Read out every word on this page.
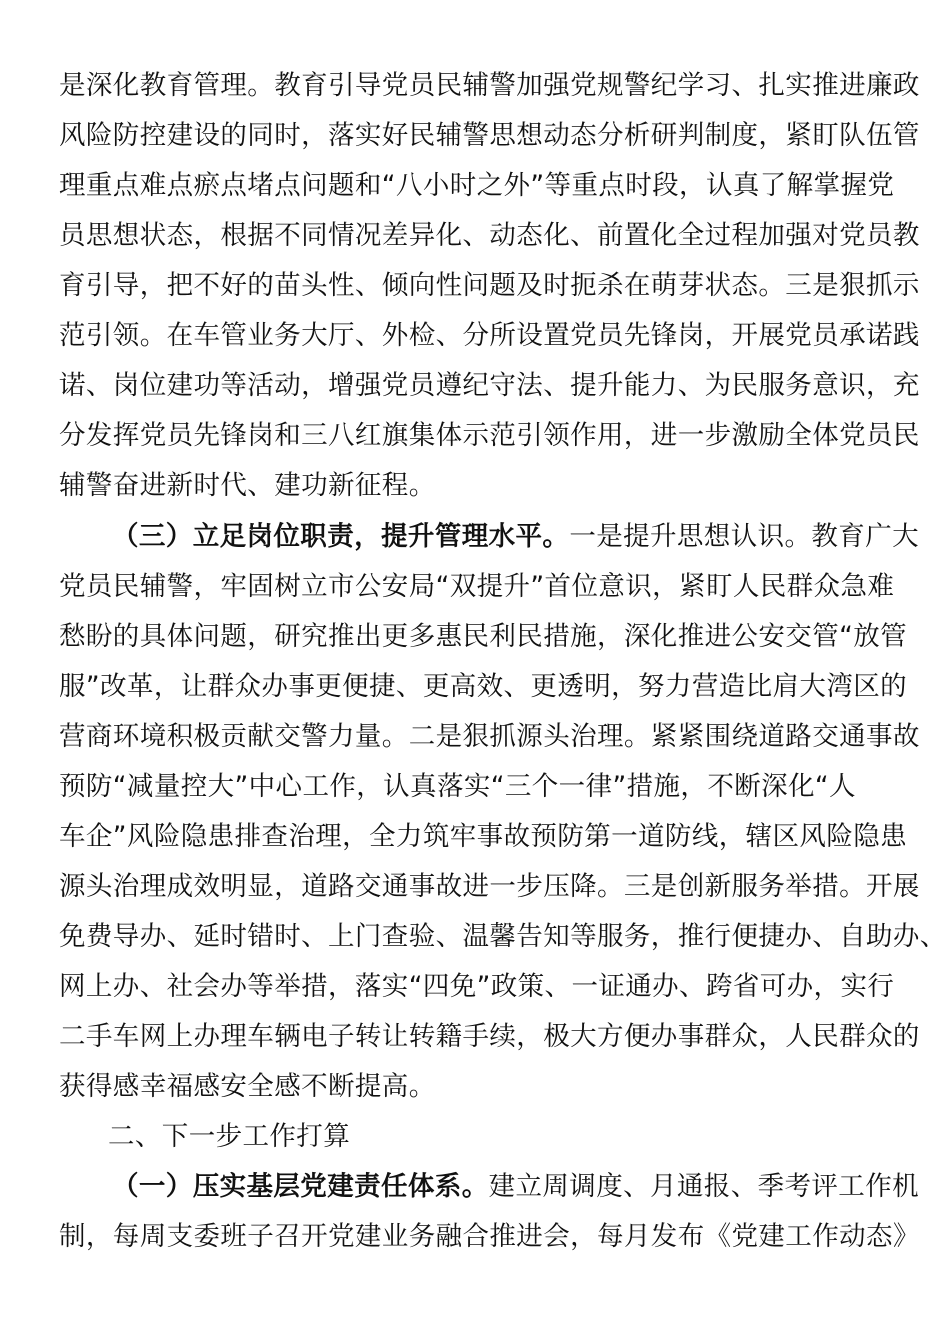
是深化教育管理。教育引导党员民辅警加强党规警纪学习、扎实推进廉政
风险防控建设的同时，落实好民辅警思想动态分析研判制度，紧盯队伍管
理重点难点瘀点堵点问题和“八小时之外”等重点时段，认真了解掌握党
员思想状态，根据不同情况差异化、动态化、前置化全过程加强对党员教
育引导，把不好的苗头性、倾向性问题及时扼杀在萌芽状态。三是狠抓示
范引领。在车管业务大厅、外检、分所设置党员先锋岗，开展党员承诺践
诺、岗位建功等活动，增强党员遵纪守法、提升能力、为民服务意识，充
分发挥党员先锋岗和三八红旗集体示范引领作用，进一步激励全体党员民
辅警奋进新时代、建功新征程。
（三）立足岗位职责，提升管理水平。一是提升思想认识。教育广大
党员民辅警，牢固树立市公安局“双提升”首位意识，紧盯人民群众急难
愁盼的具体问题，研究推出更多惠民利民措施，深化推进公安交管“放管
服”改革，让群众办事更便捷、更高效、更透明，努力营造比肩大湾区的
营商环境积极贡献交警力量。二是狠抓源头治理。紧紧围绕道路交通事故
预防“减量控大”中心工作，认真落实“三个一律”措施，不断深化“人
车企”风险隐患排查治理，全力筑牢事故预防第一道防线，辖区风险隐患
源头治理成效明显，道路交通事故进一步压降。三是创新服务举措。开展
免费导办、延时错时、上门查验、温馨告知等服务，推行便捷办、自助办、
网上办、社会办等举措，落实“四免”政策、一证通办、跨省可办，实行
二手车网上办理车辆电子转让转籍手续，极大方便办事群众，人民群众的
获得感幸福感安全感不断提高。
二、下一步工作打算
（一）压实基层党建责任体系。建立周调度、月通报、季考评工作机
制，每周支委班子召开党建业务融合推进会，每月发布《党建工作动态》
